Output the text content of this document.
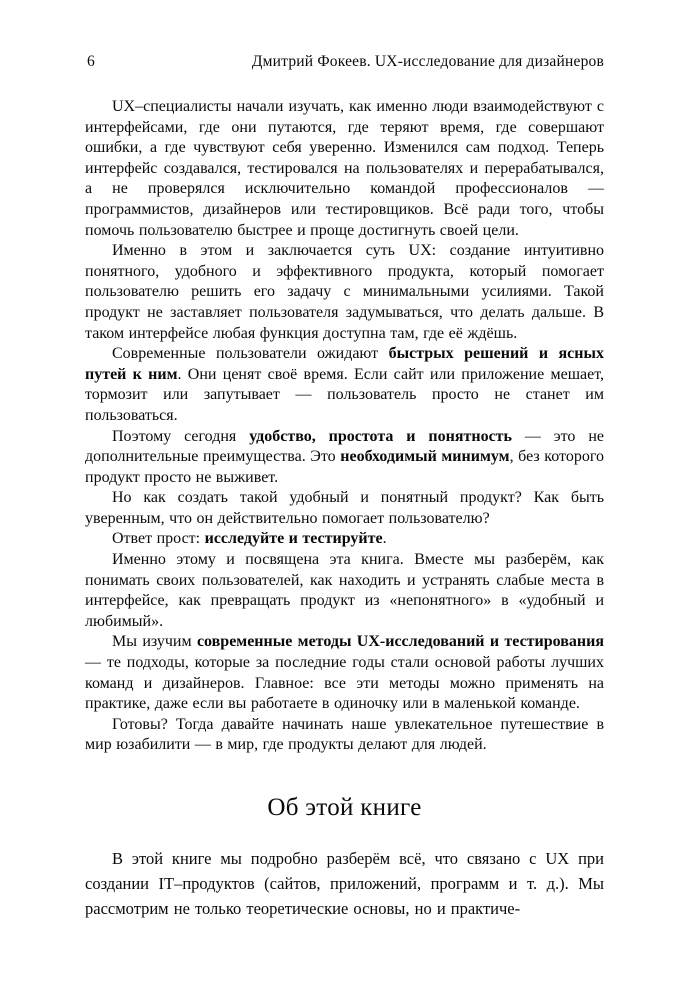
6	Дмитрий Фокеев. UX-исследование для дизайнеров

UX–специалисты начали изучать, как именно люди взаимодействуют с интерфейсами, где они путаются, где теряют время, где совершают ошибки, а где чувствуют себя уверенно. Изменился сам подход. Теперь интерфейс создавался, тестировался на пользователях и перерабатывался, а не проверялся исключительно командой профессионалов — программистов, дизайнеров или тестировщиков. Всё ради того, чтобы помочь пользователю быстрее и проще достигнуть своей цели.

Именно в этом и заключается суть UX: создание интуитивно понятного, удобного и эффективного продукта, который помогает пользователю решить его задачу с минимальными усилиями. Такой продукт не заставляет пользователя задумываться, что делать дальше. В таком интерфейсе любая функция доступна там, где её ждёшь.

Современные пользователи ожидают быстрых решений и ясных путей к ним. Они ценят своё время. Если сайт или приложение мешает, тормозит или запутывает — пользователь просто не станет им пользоваться.

Поэтому сегодня удобство, простота и понятность — это не дополнительные преимущества. Это необходимый минимум, без которого продукт просто не выживет.

Но как создать такой удобный и понятный продукт? Как быть уверенным, что он действительно помогает пользователю?

Ответ прост: исследуйте и тестируйте.

Именно этому и посвящена эта книга. Вместе мы разберём, как понимать своих пользователей, как находить и устранять слабые места в интерфейсе, как превращать продукт из «непонятного» в «удобный и любимый».

Мы изучим современные методы UX-исследований и тестирования — те подходы, которые за последние годы стали основой работы лучших команд и дизайнеров. Главное: все эти методы можно применять на практике, даже если вы работаете в одиночку или в маленькой команде.

Готовы? Тогда давайте начинать наше увлекательное путешествие в мир юзабилити — в мир, где продукты делают для людей.

Об этой книге

В этой книге мы подробно разберём всё, что связано с UX при создании IT–продуктов (сайтов, приложений, программ и т. д.). Мы рассмотрим не только теоретические основы, но и практиче-
